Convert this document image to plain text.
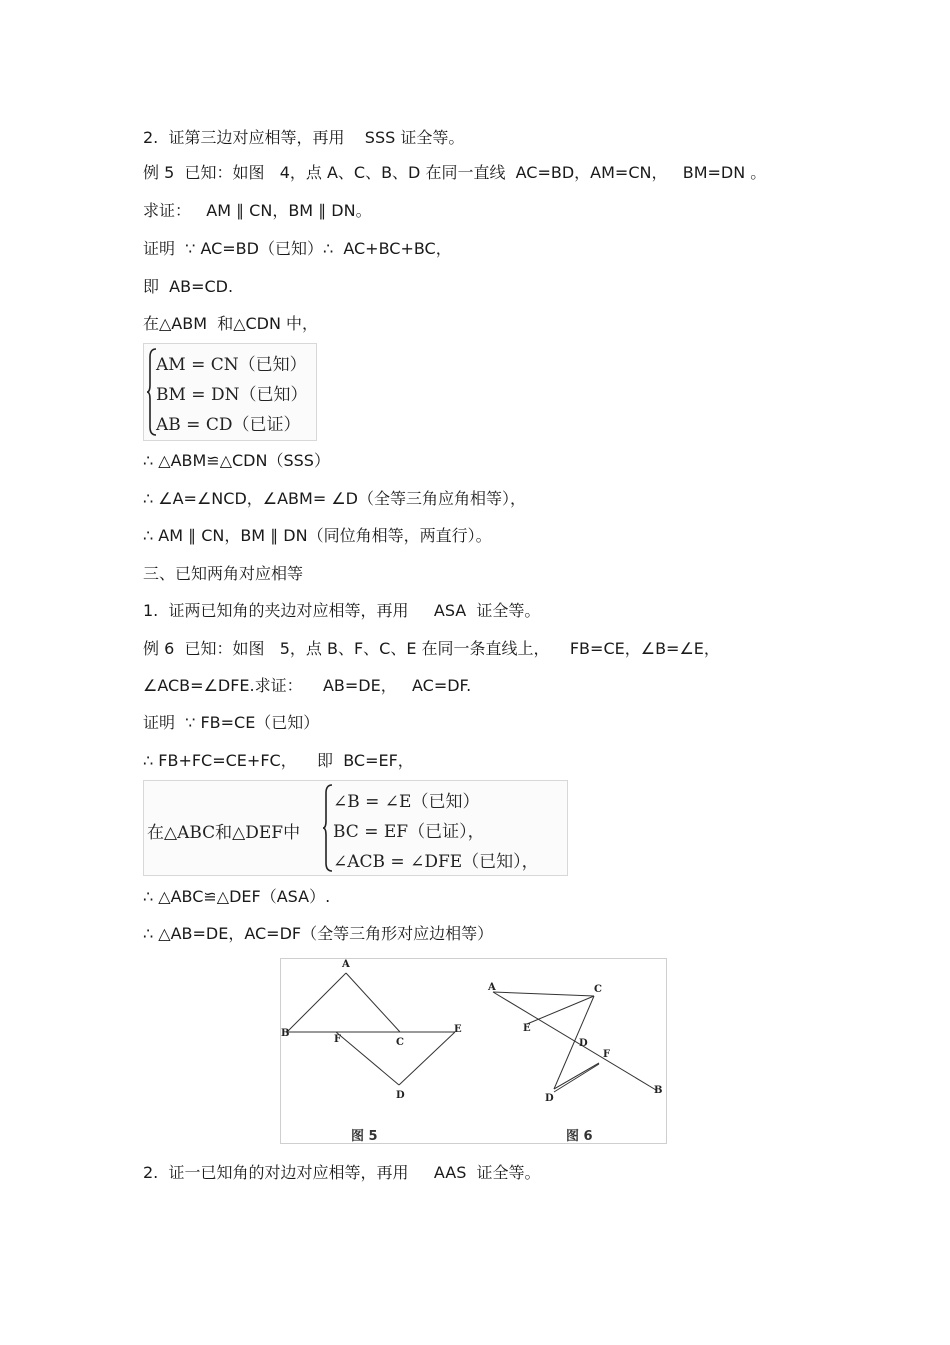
2.  证第三边对应相等，再用    SSS 证全等。
例 5  已知：如图   4，点 A、C、B、D 在同一直线  AC=BD，AM=CN，   BM=DN 。
求证：   AM ∥ CN，BM ∥ DN。
证明  ∵ AC=BD（已知）∴  AC+BC+BC，
即  AB=CD.
在△ABM  和△CDN 中，
AM = CN（已知）
BM = DN（已知）
AB = CD（已证）
∴ △ABM≌△CDN（SSS）
∴ ∠A=∠NCD，∠ABM= ∠D（全等三角应角相等），
∴ AM ∥ CN，BM ∥ DN（同位角相等，两直行）。
三、已知两角对应相等
1.  证两已知角的夹边对应相等，再用     ASA  证全等。
例 6  已知：如图   5，点 B、F、C、E 在同一条直线上，    FB=CE，∠B=∠E，
∠ACB=∠DFE.求证：    AB=DE，   AC=DF.
证明  ∵ FB=CE（已知）
∴ FB+FC=CE+FC，    即  BC=EF，
在△ABC和△DEF中
∠B = ∠E（已知）
BC = EF（已证），
∠ACB = ∠DFE（已知），
∴ △ABC≌△DEF（ASA）.
∴ △AB=DE，AC=DF（全等三角形对应边相等）
A
B
F	C
E
D
图 5
A	C
E
D
F
D
B
图 6
2.  证一已知角的对边对应相等，再用     AAS  证全等。
